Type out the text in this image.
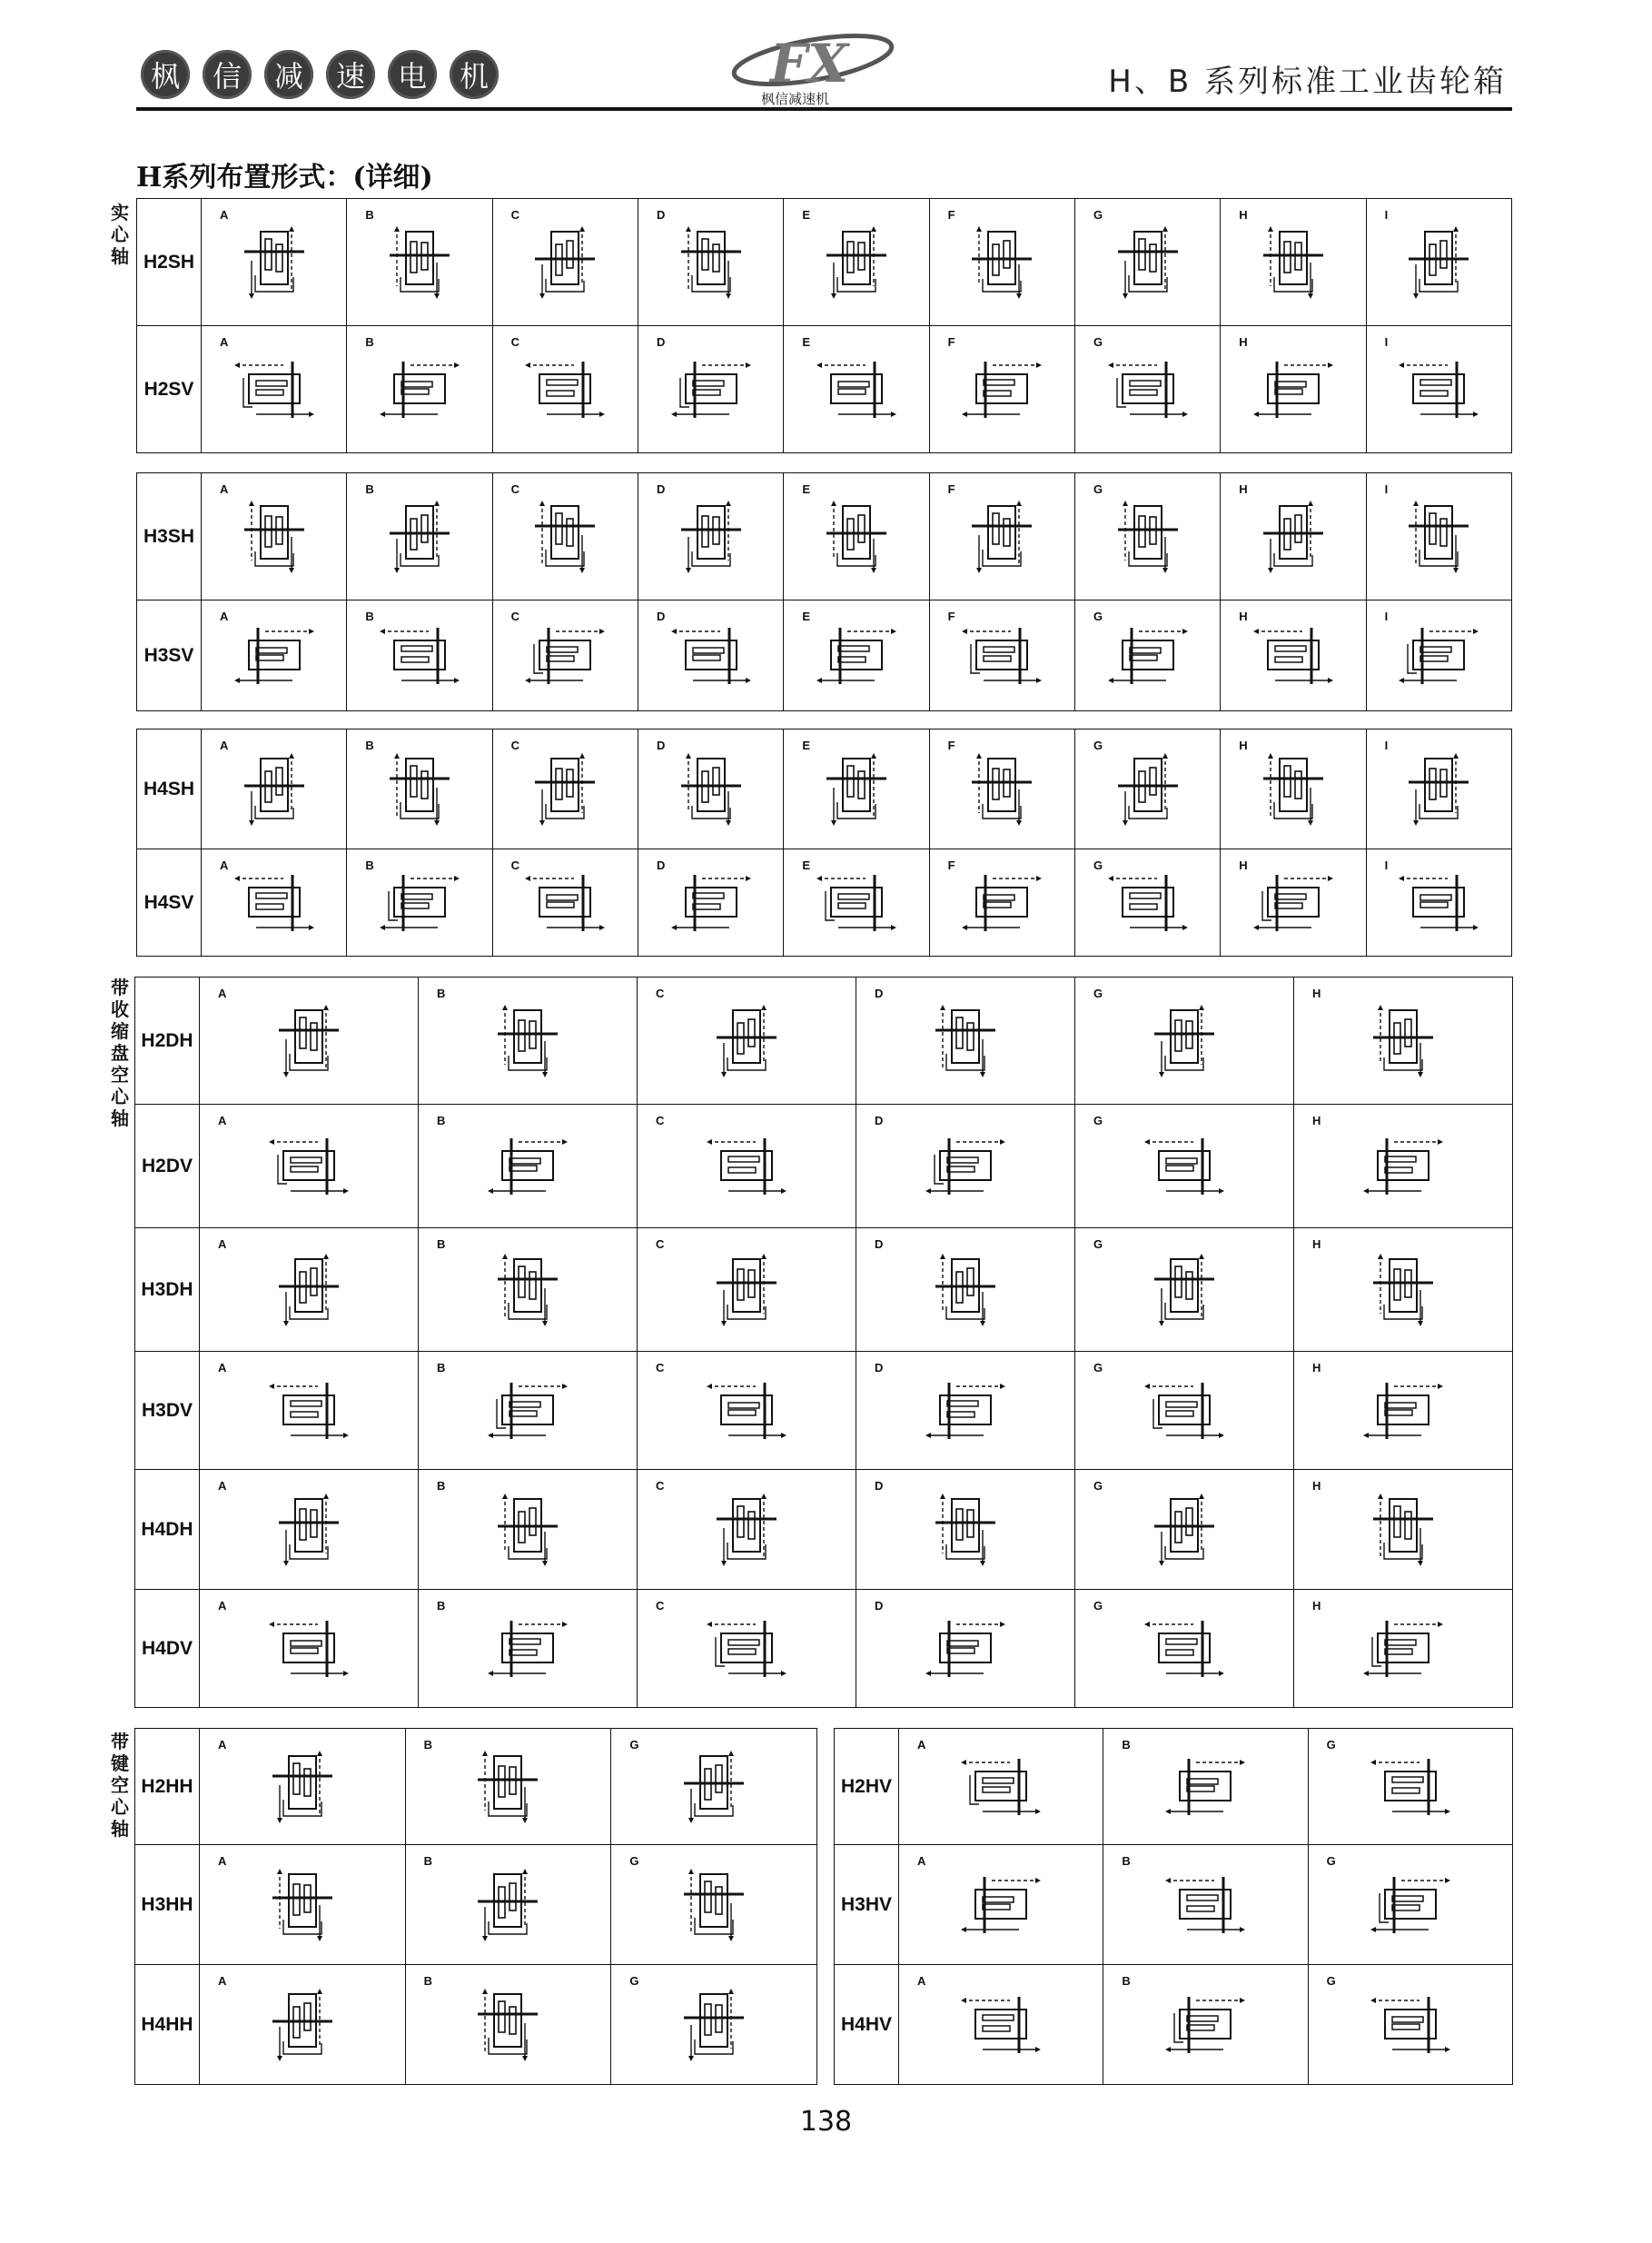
枫	信	减	速	电	机	FX
枫信减速机	H、B 系列标准工业齿轮箱
H系列布置形式：(详细)
实心轴 H2SH	A	B	C	D	E	F	G	H	I

H2SV	A	B	C	D	E	F	G	H	I
H3SH	A	B	C	D	E	F	G	H	I

H3SV	A	B	C	D	E	F	G	H	I
H4SH	A	B	C	D	E	F	G	H	I

H4SV	A	B	C	D	E	F	G	H	I
带收缩盘空心轴
H2DH	A	B	C	D	G	H

H2DV	A	B	C	D	G	H

H3DH	A	B	C	D	G	H

H3DV	A	B	C	D	G	H

H4DH	A	B	C	D	G	H

H4DV	A	B	C	D	G	H
带键空心轴
H2HH	A	B	G

H3HH	A	B	G

H4HH	A	B	G
H2HV	A	B	G

H3HV	A	B	G

H4HV	A	B	G
138
